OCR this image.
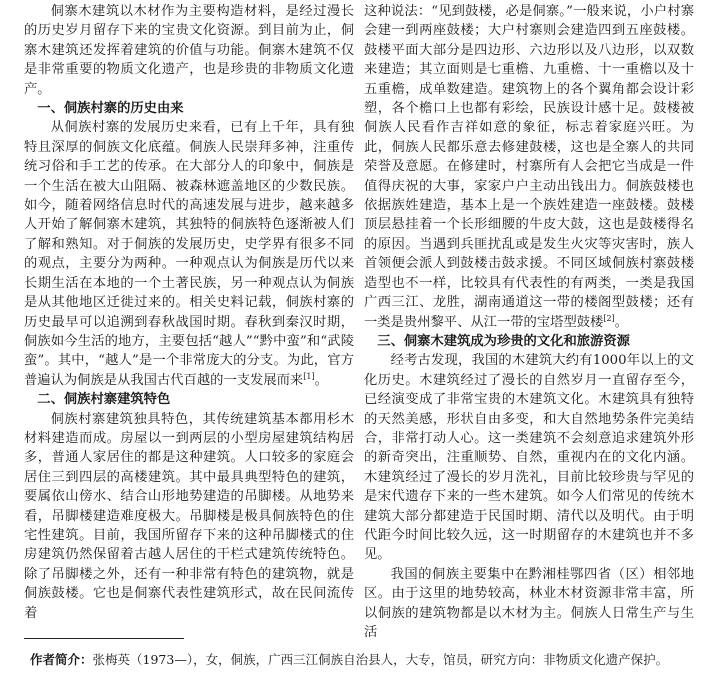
侗寨木建筑以木材作为主要构造材料，是经过漫长的历史岁月留存下来的宝贵文化资源。到目前为止，侗寨木建筑还发挥着建筑的价值与功能。侗寨木建筑不仅是非常重要的物质文化遗产，也是珍贵的非物质文化遗产。

一、侗族村寨的历史由来

从侗族村寨的发展历史来看，已有上千年，具有独特且深厚的侗族文化底蕴。侗族人民崇拜多神，注重传统习俗和手工艺的传承。在大部分人的印象中，侗族是一个生活在被大山阻隔、被森林遮盖地区的少数民族。如今，随着网络信息时代的高速发展与进步，越来越多人开始了解侗寨木建筑，其独特的侗族特色逐渐被人们了解和熟知。对于侗族的发展历史，史学界有很多不同的观点，主要分为两种。一种观点认为侗族是历代以来长期生活在本地的一个土著民族，另一种观点认为侗族是从其他地区迁徙过来的。相关史料记载，侗族村寨的历史最早可以追溯到春秋战国时期。春秋到秦汉时期，侗族如今生活的地方，主要包括“越人”“黔中蛮”和“武陵蛮”。其中，“越人”是一个非常庞大的分支。为此，官方普遍认为侗族是从我国古代百越的一支发展而来[1]。

二、侗族村寨建筑特色

侗族村寨建筑独具特色，其传统建筑基本都用杉木材料建造而成。房屋以一到两层的小型房屋建筑结构居多，普通人家居住的都是这种建筑。人口较多的家庭会居住三到四层的高楼建筑。其中最具典型特色的建筑，要属依山傍水、结合山形地势建造的吊脚楼。从地势来看，吊脚楼建造难度极大。吊脚楼是极具侗族特色的住宅性建筑。目前，我国所留存下来的这种吊脚楼式的住房建筑仍然保留着古越人居住的干栏式建筑传统特色。除了吊脚楼之外，还有一种非常有特色的建筑物，就是侗族鼓楼。它也是侗寨代表性建筑形式，故在民间流传着

这种说法：“见到鼓楼，必是侗寨。”一般来说，小户村寨会建一到两座鼓楼；大户村寨则会建造四到五座鼓楼。鼓楼平面大部分是四边形、六边形以及八边形，以双数来建造；其立面则是七重檐、九重檐、十一重檐以及十五重檐，成单数建造。建筑物上的各个翼角都会设计彩塑，各个檐口上也都有彩绘，民族设计感十足。鼓楼被侗族人民看作吉祥如意的象征，标志着家庭兴旺。为此，侗族人民都乐意去修建鼓楼，这也是全寨人的共同荣誉及意愿。在修建时，村寨所有人会把它当成是一件值得庆祝的大事，家家户户主动出钱出力。侗族鼓楼也依据族姓建造，基本上是一个族姓建造一座鼓楼。鼓楼顶层悬挂着一个长形细腰的牛皮大鼓，这也是鼓楼得名的原因。当遇到兵匪扰乱或是发生火灾等灾害时，族人首领便会派人到鼓楼击鼓求援。不同区域侗族村寨鼓楼造型也不一样，比较具有代表性的有两类，一类是我国广西三江、龙胜，湖南通道这一带的楼阁型鼓楼；还有一类是贵州黎平、从江一带的宝塔型鼓楼[2]。

三、侗寨木建筑成为珍贵的文化和旅游资源

经考古发现，我国的木建筑大约有1000年以上的文化历史。木建筑经过了漫长的自然岁月一直留存至今，已经演变成了非常宝贵的木建筑文化。木建筑具有独特的天然美感，形状自由多变，和大自然地势条件完美结合，非常打动人心。这一类建筑不会刻意追求建筑外形的新奇突出，注重顺势、自然，重视内在的文化内涵。木建筑经过了漫长的岁月洗礼，目前比较珍贵与罕见的是宋代遗存下来的一些木建筑。如今人们常见的传统木建筑大部分都建造于民国时期、清代以及明代。由于明代距今时间比较久远，这一时期留存的木建筑也并不多见。

我国的侗族主要集中在黔湘桂鄂四省（区）相邻地区。由于这里的地势较高，林业木材资源非常丰富，所以侗族的建筑物都是以木材为主。侗族人日常生产与生活

作者简介：张梅英（1973—），女，侗族，广西三江侗族自治县人，大专，馆员，研究方向：非物质文化遗产保护。
